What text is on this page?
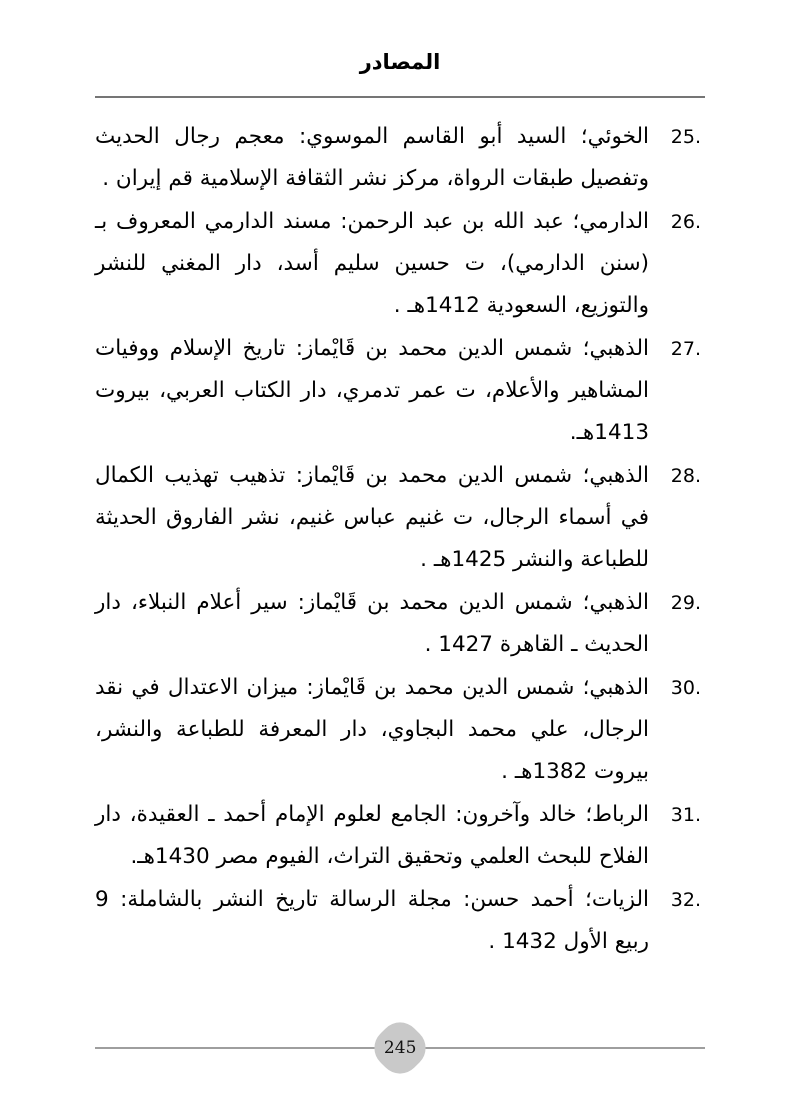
المصادر
25.
الخوئي؛ السيد أبو القاسم الموسوي: معجم رجال الحديث وتفصيل طبقات الرواة، مركز نشر الثقافة الإسلامية قم إيران .
26.
الدارمي؛ عبد الله بن عبد الرحمن: مسند الدارمي المعروف بـ (سنن الدارمي)، ت حسين سليم أسد، دار المغني للنشر والتوزيع، السعودية 1412هـ .
27.
الذهبي؛ شمس الدين محمد بن قَايْماز: تاريخ الإسلام ووفيات المشاهير والأعلام، ت عمر تدمري، دار الكتاب العربي، بيروت 1413هـ.
28.
الذهبي؛ شمس الدين محمد بن قَايْماز: تذهيب تهذيب الكمال في أسماء الرجال، ت غنيم عباس غنيم، نشر الفاروق الحديثة للطباعة والنشر 1425هـ .
29.
الذهبي؛ شمس الدين محمد بن قَايْماز: سير أعلام النبلاء، دار الحديث ـ القاهرة 1427 .
30.
الذهبي؛ شمس الدين محمد بن قَايْماز: ميزان الاعتدال في نقد الرجال، علي محمد البجاوي، دار المعرفة للطباعة والنشر، بيروت 1382هـ .
31.
الرباط؛ خالد وآخرون: الجامع لعلوم الإمام أحمد ـ العقيدة، دار الفلاح للبحث العلمي وتحقيق التراث، الفيوم مصر 1430هـ.
32.
الزيات؛ أحمد حسن: مجلة الرسالة تاريخ النشر بالشاملة: 9 ربيع الأول 1432 .
245
